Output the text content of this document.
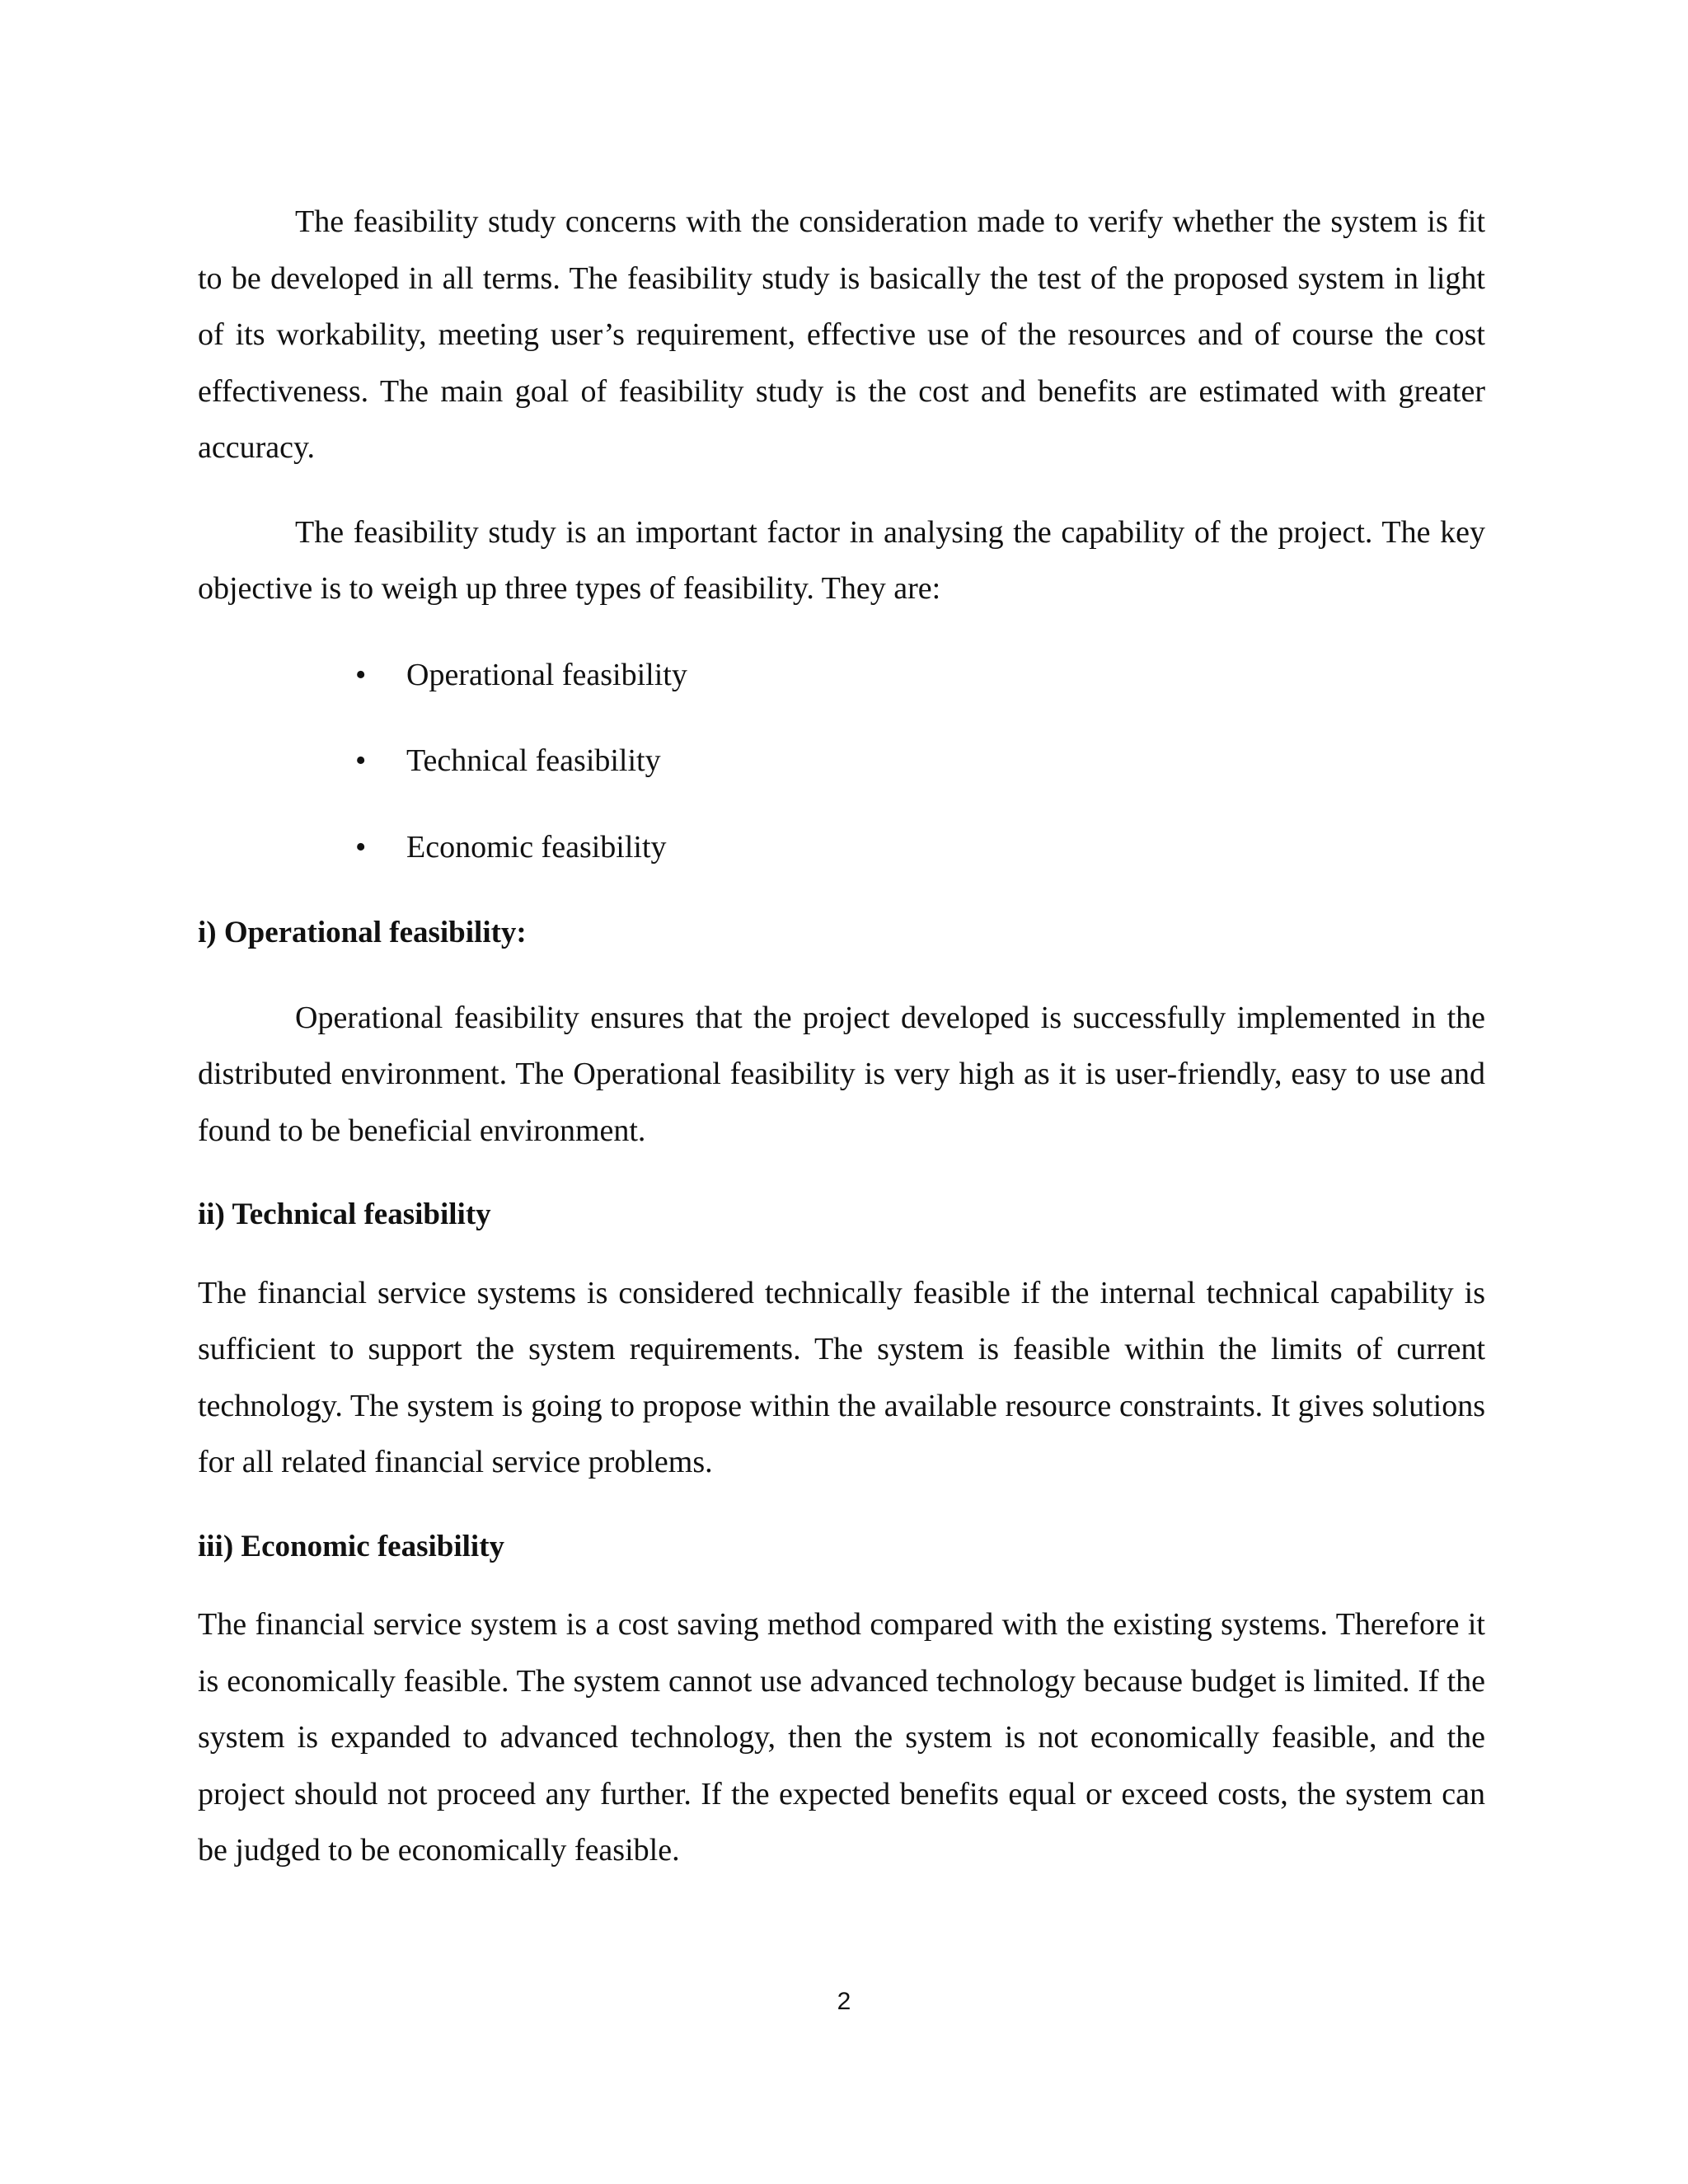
The feasibility study concerns with the consideration made to verify whether the system is fit to be developed in all terms. The feasibility study is basically the test of the proposed system in light of its workability, meeting user’s requirement, effective use of the resources and of course the cost effectiveness. The main goal of feasibility study is the cost and benefits are estimated with greater accuracy.

The feasibility study is an important factor in analysing the capability of the project. The key objective is to weigh up three types of feasibility. They are:

• Operational feasibility
• Technical feasibility
• Economic feasibility
i) Operational feasibility:

Operational feasibility ensures that the project developed is successfully implemented in the distributed environment. The Operational feasibility is very high as it is user-friendly, easy to use and found to be beneficial environment.

ii) Technical feasibility

The financial service systems is considered technically feasible if the internal technical capability is sufficient to support the system requirements. The system is feasible within the limits of current technology. The system is going to propose within the available resource constraints. It gives solutions for all related financial service problems.

iii) Economic feasibility

The financial service system is a cost saving method compared with the existing systems. Therefore it is economically feasible. The system cannot use advanced technology because budget is limited. If the system is expanded to advanced technology, then the system is not economically feasible, and the project should not proceed any further. If the expected benefits equal or exceed costs, the system can be judged to be economically feasible.

2
